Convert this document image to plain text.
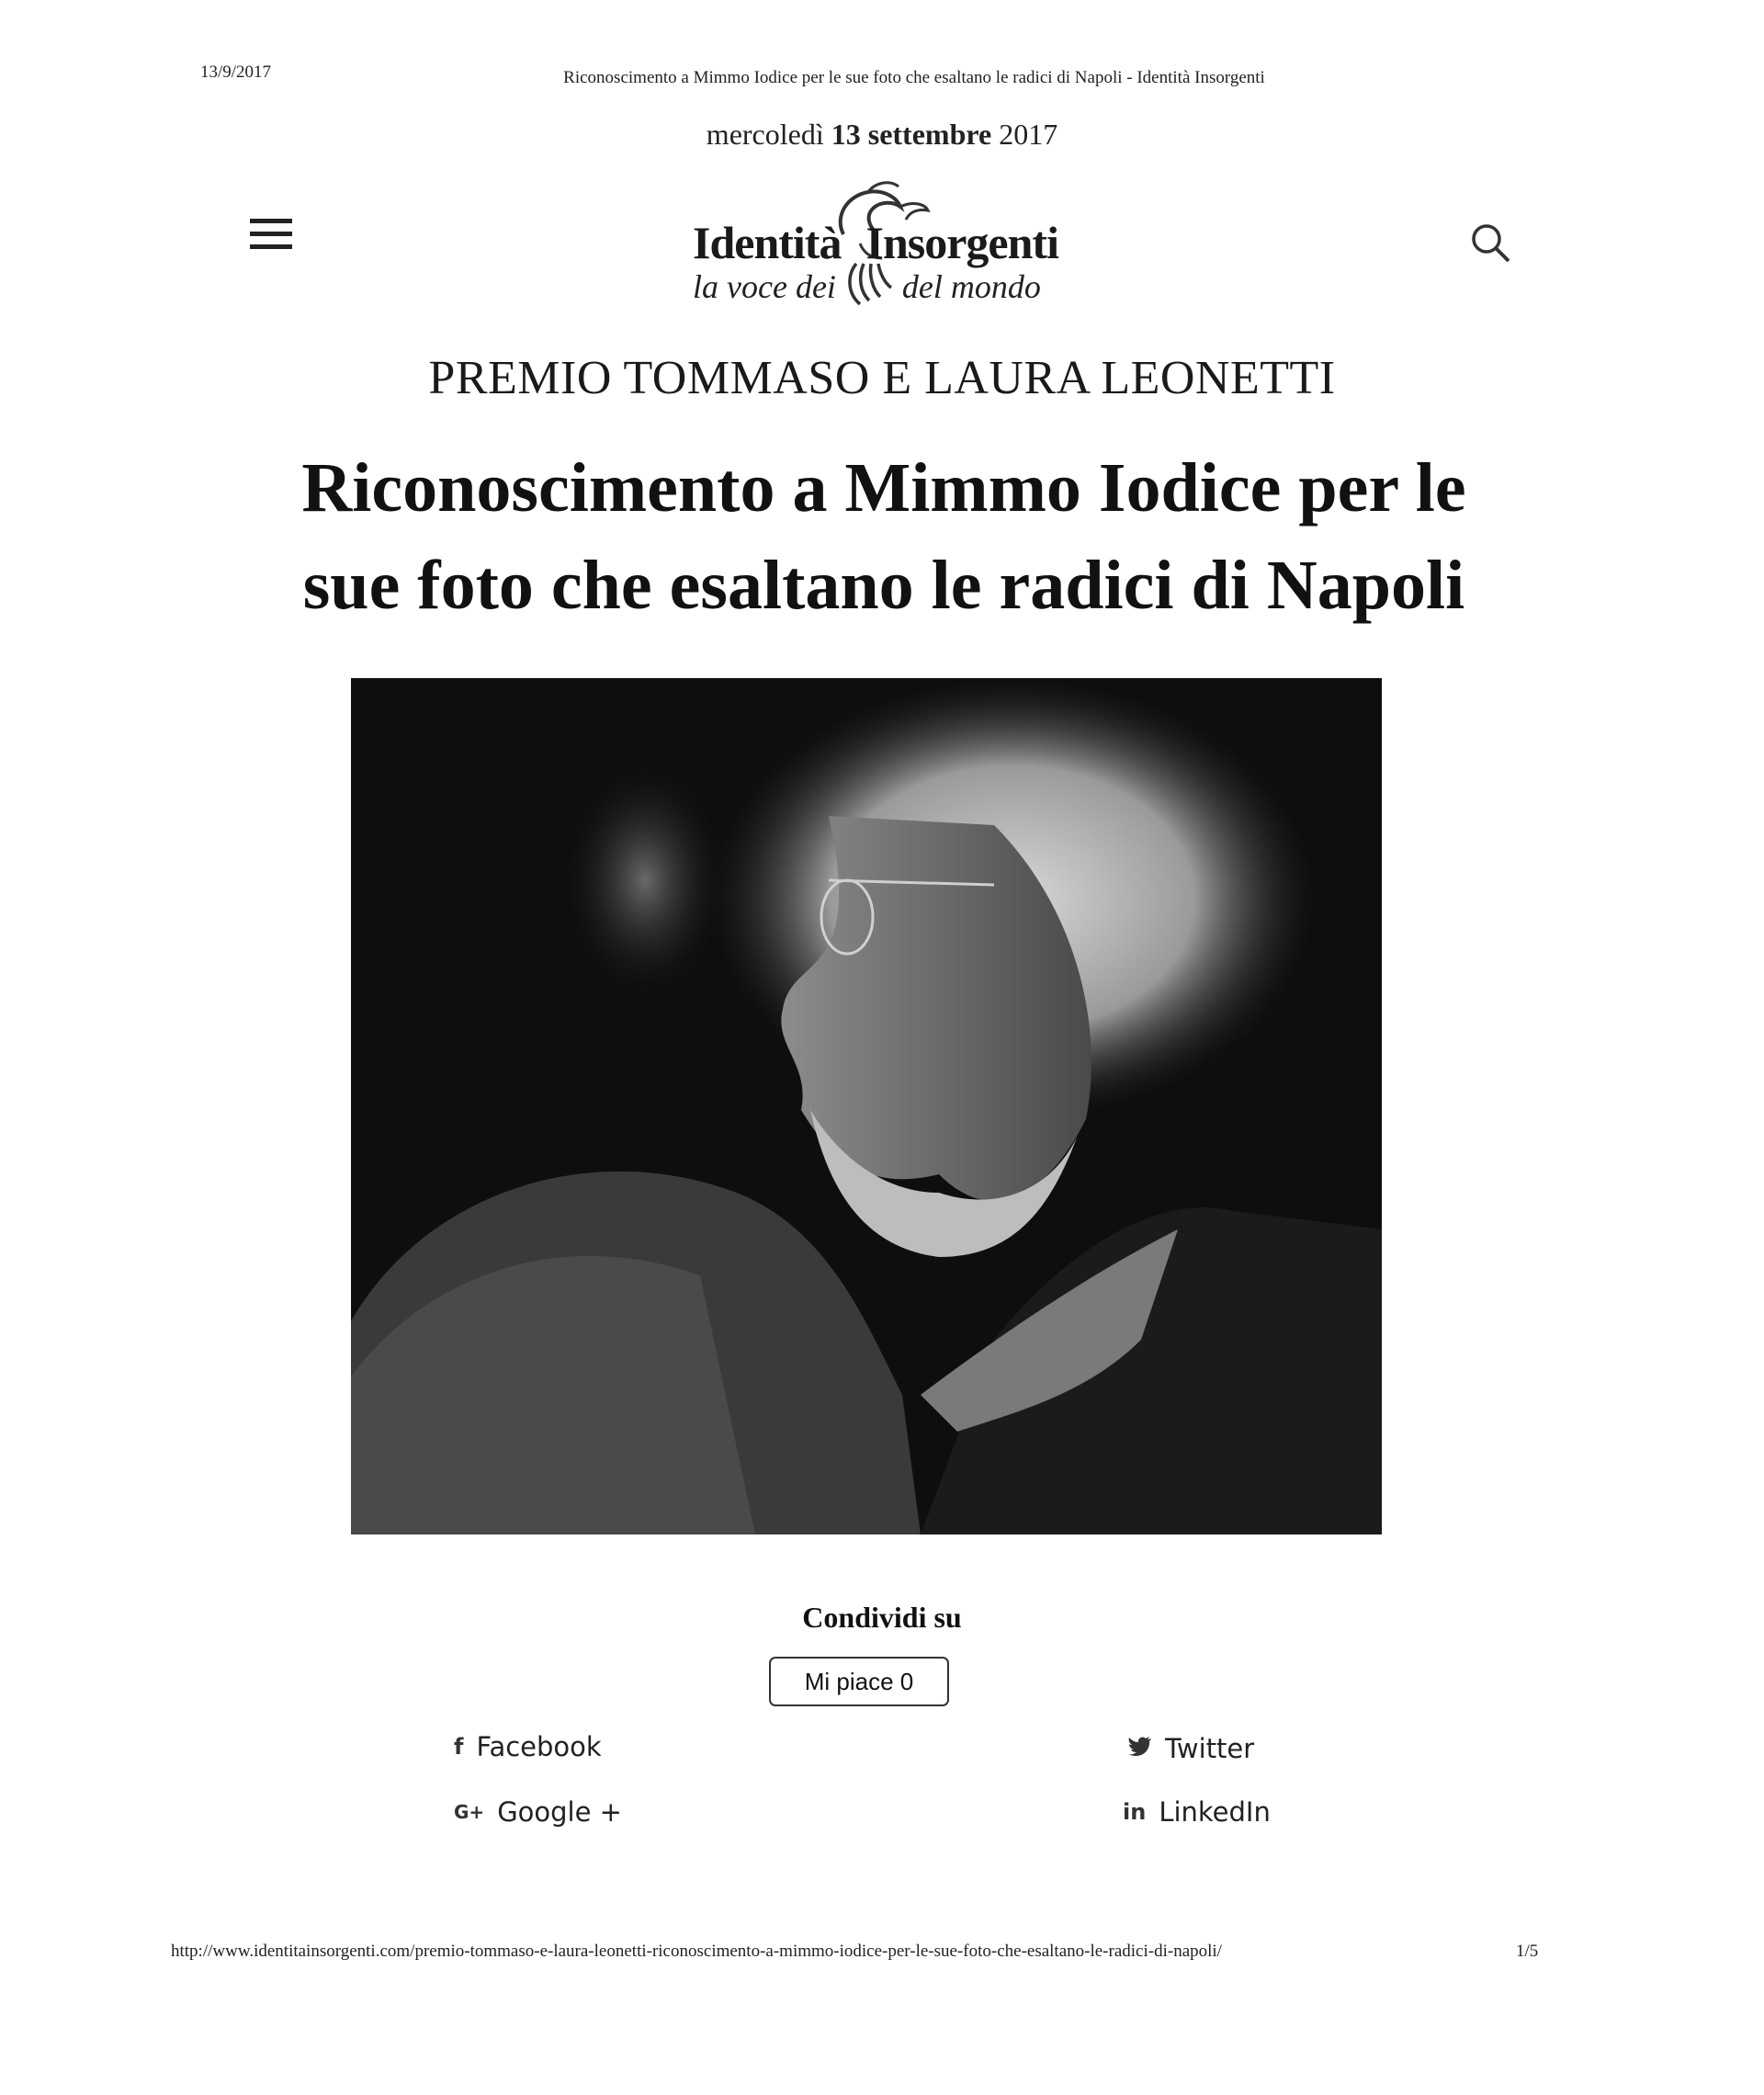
13/9/2017	Riconoscimento a Mimmo Iodice per le sue foto che esaltano le radici di Napoli - Identità Insorgenti
mercoledì 13 settembre 2017
Identità    Insorgenti
la voce dei   del mondo
PREMIO TOMMASO E LAURA LEONETTI
Riconoscimento a Mimmo Iodice per le
sue foto che esaltano le radici di Napoli
Condividi su
Mi piace 0
f Facebook	Twitter
G+ Google +	in LinkedIn
http://www.identitainsorgenti.com/premio-tommaso-e-laura-leonetti-riconoscimento-a-mimmo-iodice-per-le-sue-foto-che-esaltano-le-radici-di-napoli/	1/5
